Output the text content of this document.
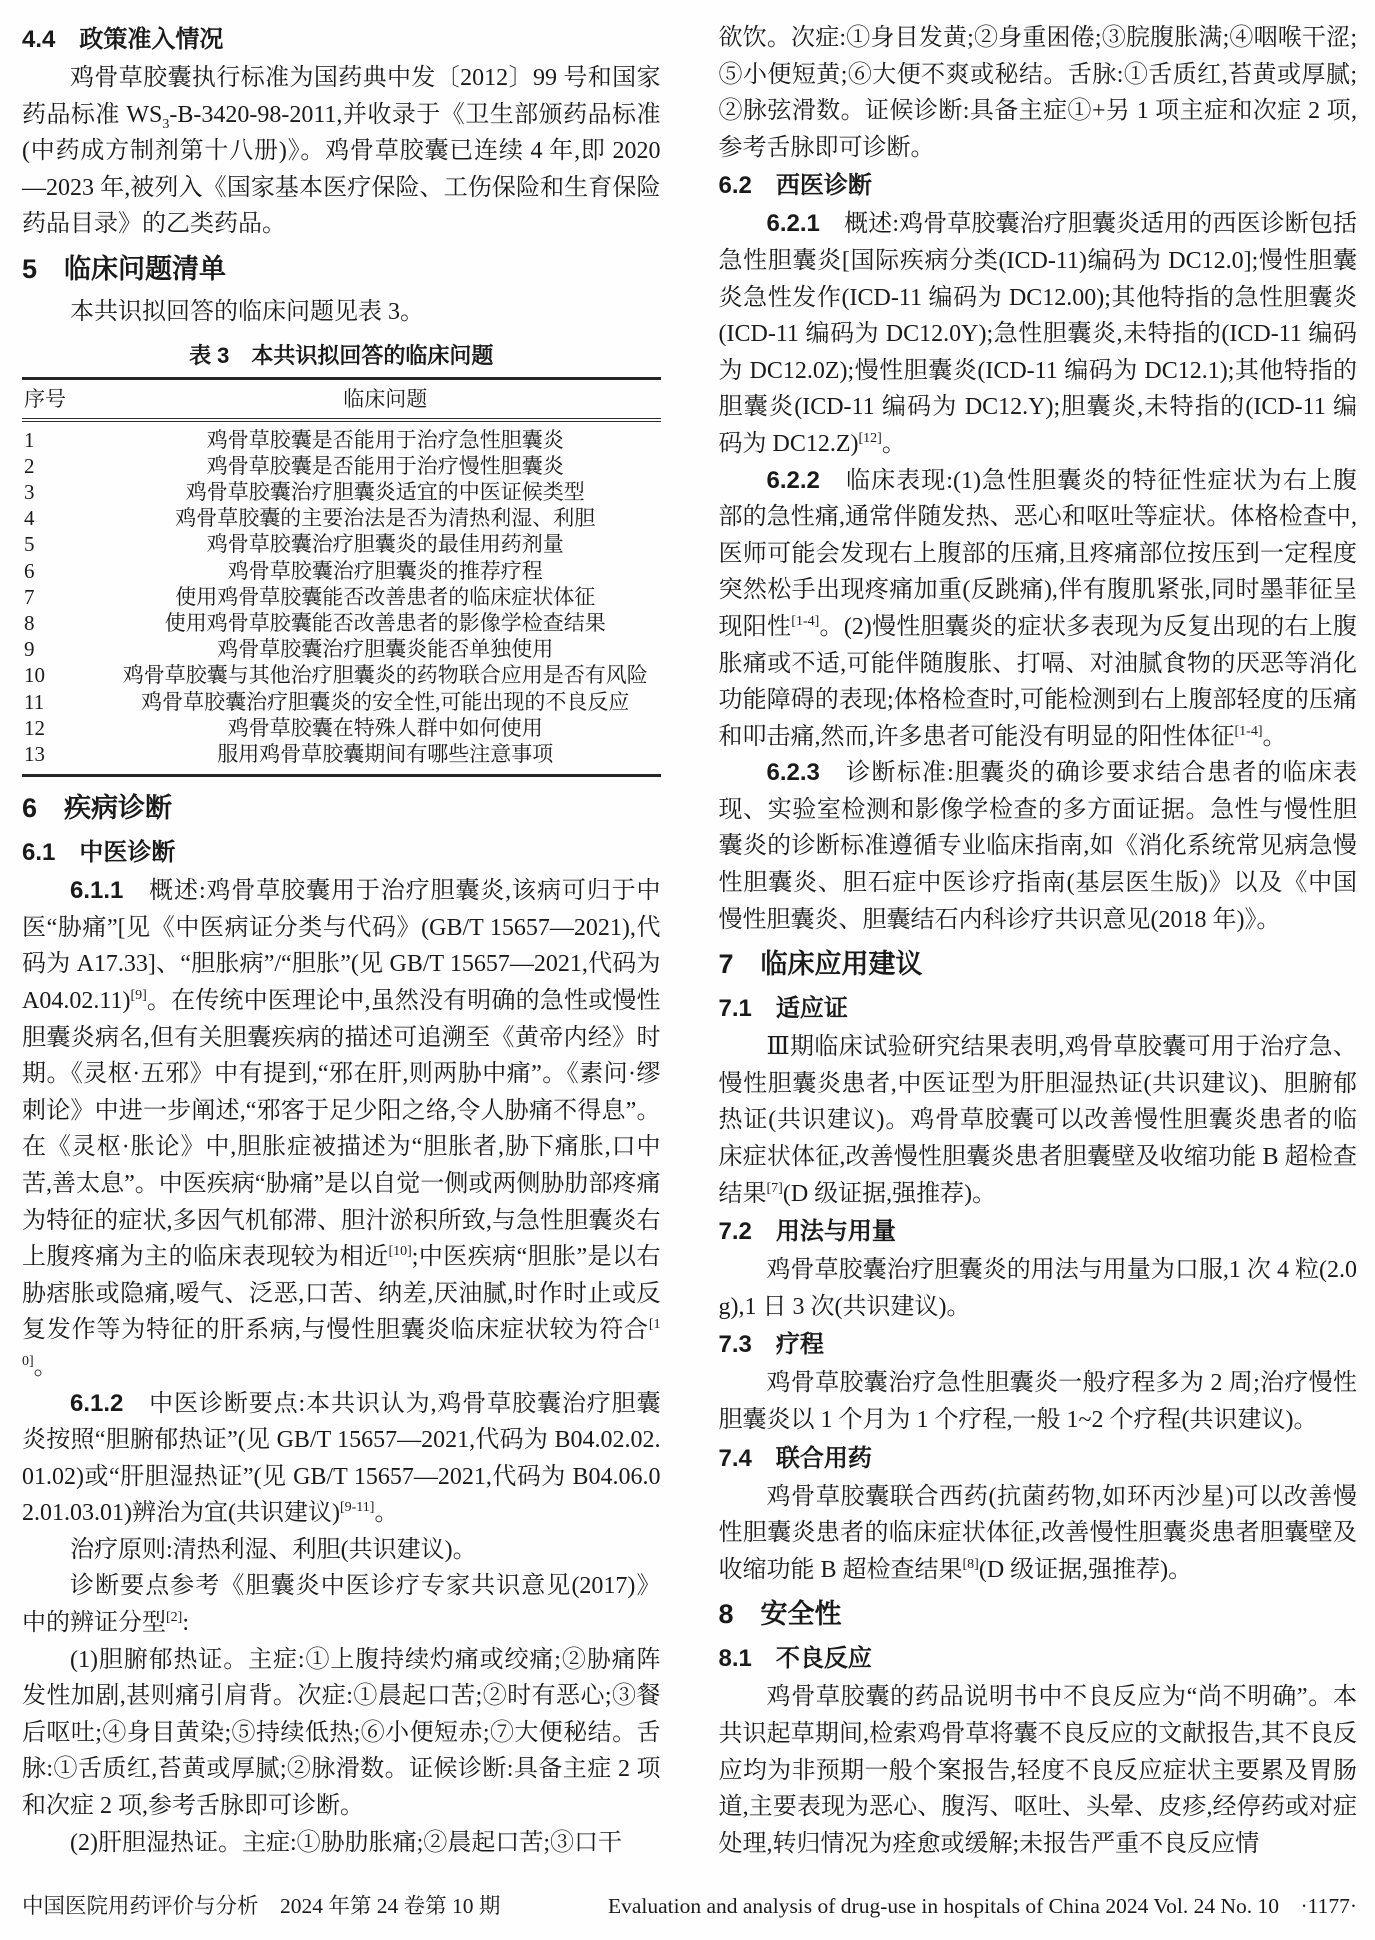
4.4　政策准入情况

鸡骨草胶囊执行标准为国药典中发〔2012〕99 号和国家药品标准 $WS_3-B-3420-98-2011$,并收录于《卫生部颁药品标准(中药成方制剂第十八册)》。鸡骨草胶囊已连续 4 年,即 2020—2023 年,被列入《国家基本医疗保险、工伤保险和生育保险药品目录》的乙类药品。

5　临床问题清单

本共识拟回答的临床问题见表 3。

表 3　本共识拟回答的临床问题
序号	临床问题
1	鸡骨草胶囊是否能用于治疗急性胆囊炎
2	鸡骨草胶囊是否能用于治疗慢性胆囊炎
3	鸡骨草胶囊治疗胆囊炎适宜的中医证候类型
4	鸡骨草胶囊的主要治法是否为清热利湿、利胆
5	鸡骨草胶囊治疗胆囊炎的最佳用药剂量
6	鸡骨草胶囊治疗胆囊炎的推荐疗程
7	使用鸡骨草胶囊能否改善患者的临床症状体征
8	使用鸡骨草胶囊能否改善患者的影像学检查结果
9	鸡骨草胶囊治疗胆囊炎能否单独使用
10	鸡骨草胶囊与其他治疗胆囊炎的药物联合应用是否有风险
11	鸡骨草胶囊治疗胆囊炎的安全性,可能出现的不良反应
12	鸡骨草胶囊在特殊人群中如何使用
13	服用鸡骨草胶囊期间有哪些注意事项
6　疾病诊断
6.1　中医诊断

6.1.1　概述:鸡骨草胶囊用于治疗胆囊炎,该病可归于中医“胁痛”[见《中医病证分类与代码》(GB/T 15657—2021),代码为 A17.33]、“胆胀病”/“胆胀”(见 GB/T 15657—2021,代码为 A04.02.11)[9]。在传统中医理论中,虽然没有明确的急性或慢性胆囊炎病名,但有关胆囊疾病的描述可追溯至《黄帝内经》时期。《灵枢·五邪》中有提到,“邪在肝,则两胁中痛”。《素问·缪刺论》中进一步阐述,“邪客于足少阳之络,令人胁痛不得息”。在《灵枢·胀论》中,胆胀症被描述为“胆胀者,胁下痛胀,口中苦,善太息”。中医疾病“胁痛”是以自觉一侧或两侧胁肋部疼痛为特征的症状,多因气机郁滞、胆汁淤积所致,与急性胆囊炎右上腹疼痛为主的临床表现较为相近[10];中医疾病“胆胀”是以右胁痞胀或隐痛,嗳气、泛恶,口苦、纳差,厌油腻,时作时止或反复发作等为特征的肝系病,与慢性胆囊炎临床症状较为符合[10]。

6.1.2　中医诊断要点:本共识认为,鸡骨草胶囊治疗胆囊炎按照“胆腑郁热证”(见 GB/T 15657—2021,代码为 B04.02.02.01.02)或“肝胆湿热证”(见 GB/T 15657—2021,代码为 B04.06.02.01.03.01)辨治为宜(共识建议)[9-11]。

治疗原则:清热利湿、利胆(共识建议)。

诊断要点参考《胆囊炎中医诊疗专家共识意见(2017)》中的辨证分型[2]:

(1)胆腑郁热证。主症:①上腹持续灼痛或绞痛;②胁痛阵发性加剧,甚则痛引肩背。次症:①晨起口苦;②时有恶心;③餐后呕吐;④身目黄染;⑤持续低热;⑥小便短赤;⑦大便秘结。舌脉:①舌质红,苔黄或厚腻;②脉滑数。证候诊断:具备主症 2 项和次症 2 项,参考舌脉即可诊断。

(2)肝胆湿热证。主症:①胁肋胀痛;②晨起口苦;③口干

欲饮。次症:①身目发黄;②身重困倦;③脘腹胀满;④咽喉干涩;⑤小便短黄;⑥大便不爽或秘结。舌脉:①舌质红,苔黄或厚腻;②脉弦滑数。证候诊断:具备主症①+另 1 项主症和次症 2 项,参考舌脉即可诊断。

6.2　西医诊断

6.2.1　概述:鸡骨草胶囊治疗胆囊炎适用的西医诊断包括急性胆囊炎[国际疾病分类(ICD-11)编码为 DC12.0];慢性胆囊炎急性发作(ICD-11 编码为 DC12.00);其他特指的急性胆囊炎(ICD-11 编码为 DC12.0Y);急性胆囊炎,未特指的(ICD-11 编码为 DC12.0Z);慢性胆囊炎(ICD-11 编码为 DC12.1);其他特指的胆囊炎(ICD-11 编码为 DC12.Y);胆囊炎,未特指的(ICD-11 编码为 DC12.Z)[12]。

6.2.2　临床表现:(1)急性胆囊炎的特征性症状为右上腹部的急性痛,通常伴随发热、恶心和呕吐等症状。体格检查中,医师可能会发现右上腹部的压痛,且疼痛部位按压到一定程度突然松手出现疼痛加重(反跳痛),伴有腹肌紧张,同时墨菲征呈现阳性[1-4]。(2)慢性胆囊炎的症状多表现为反复出现的右上腹胀痛或不适,可能伴随腹胀、打嗝、对油腻食物的厌恶等消化功能障碍的表现;体格检查时,可能检测到右上腹部轻度的压痛和叩击痛,然而,许多患者可能没有明显的阳性体征[1-4]。

6.2.3　诊断标准:胆囊炎的确诊要求结合患者的临床表现、实验室检测和影像学检查的多方面证据。急性与慢性胆囊炎的诊断标准遵循专业临床指南,如《消化系统常见病急慢性胆囊炎、胆石症中医诊疗指南(基层医生版)》以及《中国慢性胆囊炎、胆囊结石内科诊疗共识意见(2018 年)》。

7　临床应用建议
7.1　适应证

Ⅲ期临床试验研究结果表明,鸡骨草胶囊可用于治疗急、慢性胆囊炎患者,中医证型为肝胆湿热证(共识建议)、胆腑郁热证(共识建议)。鸡骨草胶囊可以改善慢性胆囊炎患者的临床症状体征,改善慢性胆囊炎患者胆囊壁及收缩功能 B 超检查结果[7](D 级证据,强推荐)。

7.2　用法与用量

鸡骨草胶囊治疗胆囊炎的用法与用量为口服,1 次 4 粒(2.0 g),1 日 3 次(共识建议)。

7.3　疗程

鸡骨草胶囊治疗急性胆囊炎一般疗程多为 2 周;治疗慢性胆囊炎以 1 个月为 1 个疗程,一般 1~2 个疗程(共识建议)。

7.4　联合用药

鸡骨草胶囊联合西药(抗菌药物,如环丙沙星)可以改善慢性胆囊炎患者的临床症状体征,改善慢性胆囊炎患者胆囊壁及收缩功能 B 超检查结果[8](D 级证据,强推荐)。

8　安全性
8.1　不良反应

鸡骨草胶囊的药品说明书中不良反应为“尚不明确”。本共识起草期间,检索鸡骨草将囊不良反应的文献报告,其不良反应均为非预期一般个案报告,轻度不良反应症状主要累及胃肠道,主要表现为恶心、腹泻、呕吐、头晕、皮疹,经停药或对症处理,转归情况为痊愈或缓解;未报告严重不良反应情

中国医院用药评价与分析　2024 年第 24 卷第 10 期	Evaluation and analysis of drug-use in hospitals of China 2024 Vol. 24 No. 10　·1177·
